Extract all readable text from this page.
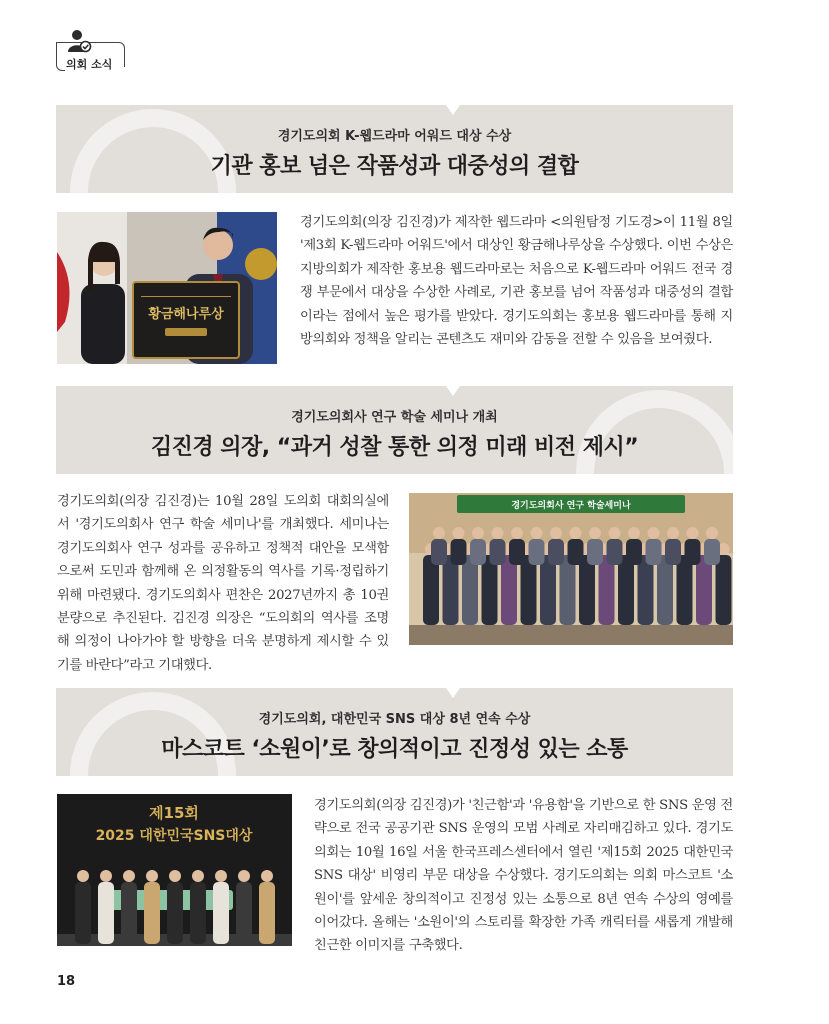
의회 소식
경기도의회 K-웹드라마 어워드 대상 수상
기관 홍보 넘은 작품성과 대중성의 결합
황금해나루상
경기도의회(의장 김진경)가 제작한 웹드라마 <의원탐정 기도경>이 11월 8일 '제3회 K-웹드라마 어워드'에서 대상인 황금해나루상을 수상했다. 이번 수상은 지방의회가 제작한 홍보용 웹드라마로는 처음으로 K-웹드라마 어워드 전국 경쟁 부문에서 대상을 수상한 사례로, 기관 홍보를 넘어 작품성과 대중성의 결합이라는 점에서 높은 평가를 받았다. 경기도의회는 홍보용 웹드라마를 통해 지방의회와 정책을 알리는 콘텐츠도 재미와 감동을 전할 수 있음을 보여줬다.
경기도의회사 연구 학술 세미나 개최
김진경 의장, “과거 성찰 통한 의정 미래 비전 제시”
경기도의회(의장 김진경)는 10월 28일 도의회 대회의실에서 '경기도의회사 연구 학술 세미나'를 개최했다. 세미나는 경기도의회사 연구 성과를 공유하고 정책적 대안을 모색함으로써 도민과 함께해 온 의정활동의 역사를 기록·정립하기 위해 마련됐다. 경기도의회사 편찬은 2027년까지 총 10권 분량으로 추진된다. 김진경 의장은 “도의회의 역사를 조명해 의정이 나아가야 할 방향을 더욱 분명하게 제시할 수 있기를 바란다”라고 기대했다.
경기도의회사 연구 학술세미나
경기도의회, 대한민국 SNS 대상 8년 연속 수상
마스코트 ‘소원이’로 창의적이고 진정성 있는 소통
제15회
2025 대한민국SNS대상
경기도의회(의장 김진경)가 '친근함'과 '유용함'을 기반으로 한 SNS 운영 전략으로 전국 공공기관 SNS 운영의 모범 사례로 자리매김하고 있다. 경기도의회는 10월 16일 서울 한국프레스센터에서 열린 '제15회 2025 대한민국 SNS 대상' 비영리 부문 대상을 수상했다. 경기도의회는 의회 마스코트 '소원이'를 앞세운 창의적이고 진정성 있는 소통으로 8년 연속 수상의 영예를 이어갔다. 올해는 '소원이'의 스토리를 확장한 가족 캐릭터를 새롭게 개발해 친근한 이미지를 구축했다.
18
